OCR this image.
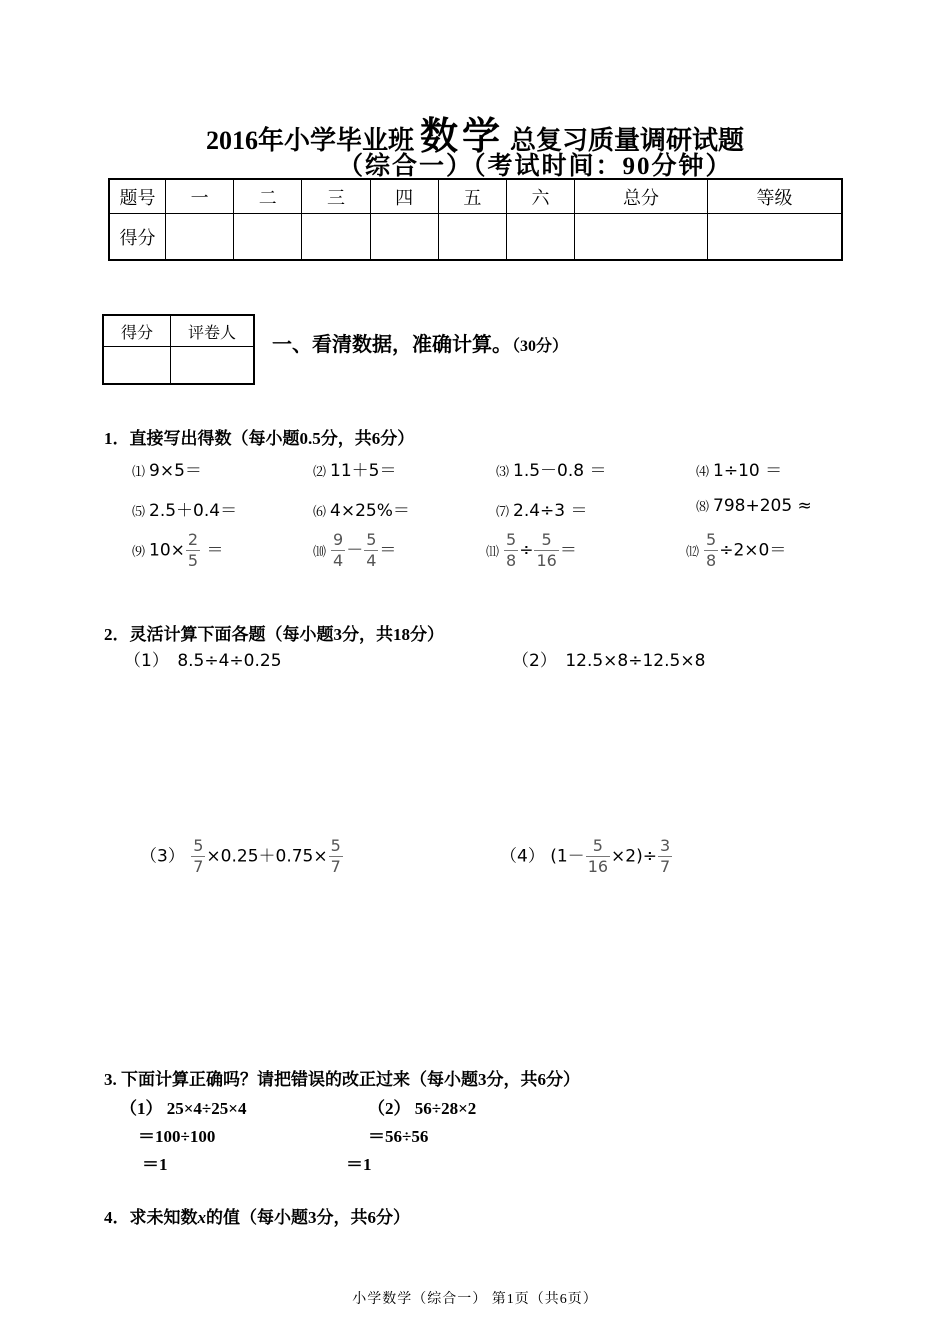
2016年小学毕业班 数学 总复习质量调研试题
（综合一）（考试时间：90分钟）
题号	一	二	三	四	五	六	总分	等级
得分								
得分	评卷人

一、看清数据，准确计算。（30分）
1．直接写出得数（每小题0.5分，共6分）
⑴ 9×5＝	⑵ 11＋5＝	⑶ 1.5－0.8 ＝	⑷ 1÷10 ＝
⑸ 2.5＋0.4＝	⑹ 4×25%＝	⑺ 2.4÷3 ＝	⑻ 798+205 ≈
⑼ $10\times \frac{2}{5}$ ＝	⑽ $\frac{9}{4} - \frac{5}{4}$ ＝	⑾ $\frac{5}{8} \div \frac{5}{16}$ ＝	⑿ $\frac{5}{8} \div 2\times 0=$
2．灵活计算下面各题（每小题3分，共18分）
（1）　8.5÷4÷0.25	（2）　12.5×8÷12.5×8
$(3) \frac{5}{7} \times 0.25+0.75\times \frac{5}{7}$	（4） $(1- \frac{5}{16} \times 2)\div \frac{3}{7}$
3. 下面计算正确吗？请把错误的改正过来（每小题3分，共6分）
（1） 25×4÷25×4
＝100÷100
＝1
（2） 56÷28×2
＝56÷56
＝1
4．求未知数x的值（每小题3分，共6分）
小学数学（综合一） 第1页（共6页）
